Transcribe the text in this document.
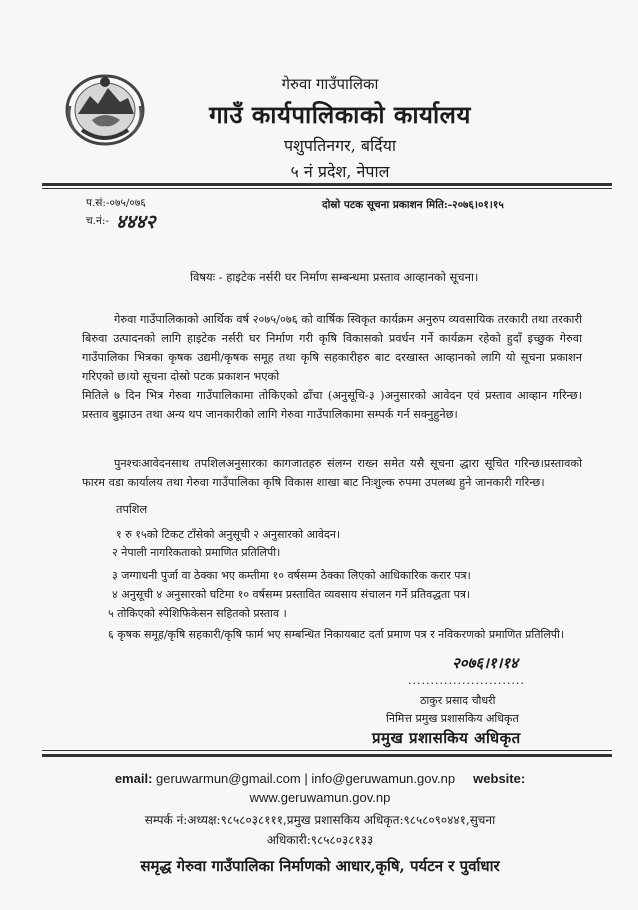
गेरुवा गाउँपालिका
गाउँ कार्यपालिकाको कार्यालय
पशुपतिनगर, बर्दिया
५ नं प्रदेश, नेपाल
प.सं:-०७५/०७६
च.नं:- ४४४२
दोस्रो पटक सूचना प्रकाशन मिति:-२०७६।०१।१५
विषयः - हाइटेक नर्सरी घर निर्माण सम्बन्धमा प्रस्ताव आव्हानको सूचना।
गेरुवा गाउँपालिकाको आर्थिक वर्ष २०७५/०७६ को वार्षिक स्विकृत कार्यक्रम अनुरुप व्यवसायिक तरकारी तथा तरकारी बिरुवा उत्पादनको लागि हाइटेक नर्सरी घर निर्माण गरी कृषि विकासको प्रवर्धन गर्ने कार्यक्रम रहेको हुदाँ इच्छुक गेरुवा गाउँपालिका भित्रका कृषक उद्यमी/कृषक समूह तथा कृषि सहकारीहरु बाट दरखास्त आव्हानको लागि यो सूचना प्रकाशन गरिएको छ।यो सूचना दोस्रो पटक प्रकाशन भएको
मितिले ७ दिन भित्र गेरुवा गाउँपालिकामा तोकिएको ढाँचा (अनुसूचि-३ )अनुसारको आवेदन एवं प्रस्ताव आव्हान गरिन्छ।प्रस्ताव बुझाउन तथा अन्य थप जानकारीको लागि गेरुवा गाउँपालिकामा सम्पर्क गर्न सक्नुहुनेछ।
पुनश्चःआवेदनसाथ तपशिलअनुसारका कागजातहरु संलग्न राख्न समेत यसै सूचना द्धारा सूचित गरिन्छ।प्रस्तावको फारम वडा कार्यालय तथा गेरुवा गाउँपालिका कृषि विकास शाखा बाट निःशुल्क रुपमा उपलब्ध हुने जानकारी गरिन्छ।
तपशिल
१ रु १५को टिकट टाँसेको अनुसूची २ अनुसारको आवेदन।
२ नेपाली नागरिकताको प्रमाणित प्रतिलिपी।
३ जग्गाधनी पुर्जा वा ठेक्का भए कम्तीमा १० वर्षसम्म ठेक्का लिएको आधिकारिक करार पत्र।
४ अनुसूची ४ अनुसारको घटिमा १० वर्षसम्म प्रस्तावित व्यवसाय संचालन गर्ने प्रतिवद्धता पत्र।
५ तोकिएको स्पेशिफिकेसन सहितको प्रस्ताव ।
६ कृषक समूह/कृषि सहकारी/कृषि फार्म भए सम्बन्धित निकायबाट दर्ता प्रमाण पत्र र नविकरणको प्रमाणित प्रतिलिपी।
२०७६।१।१४
..........................
ठाकुर प्रसाद चौधरी
निमित्त प्रमुख प्रशासकिय अधिकृत
प्रमुख प्रशासकिय अधिकृत
email: geruwarmun@gmail.com | info@geruwamun.gov.np website:
www.geruwamun.gov.np
सम्पर्क नं:अध्यक्ष:९८५८०३८१११,प्रमुख प्रशासकिय अधिकृत:९८५८०९०४४१,सुचना
अधिकारी:९८५८०३८१३३
समृद्ध गेरुवा गाउँपालिका निर्माणको आधार,कृषि, पर्यटन र पुर्वाधार
